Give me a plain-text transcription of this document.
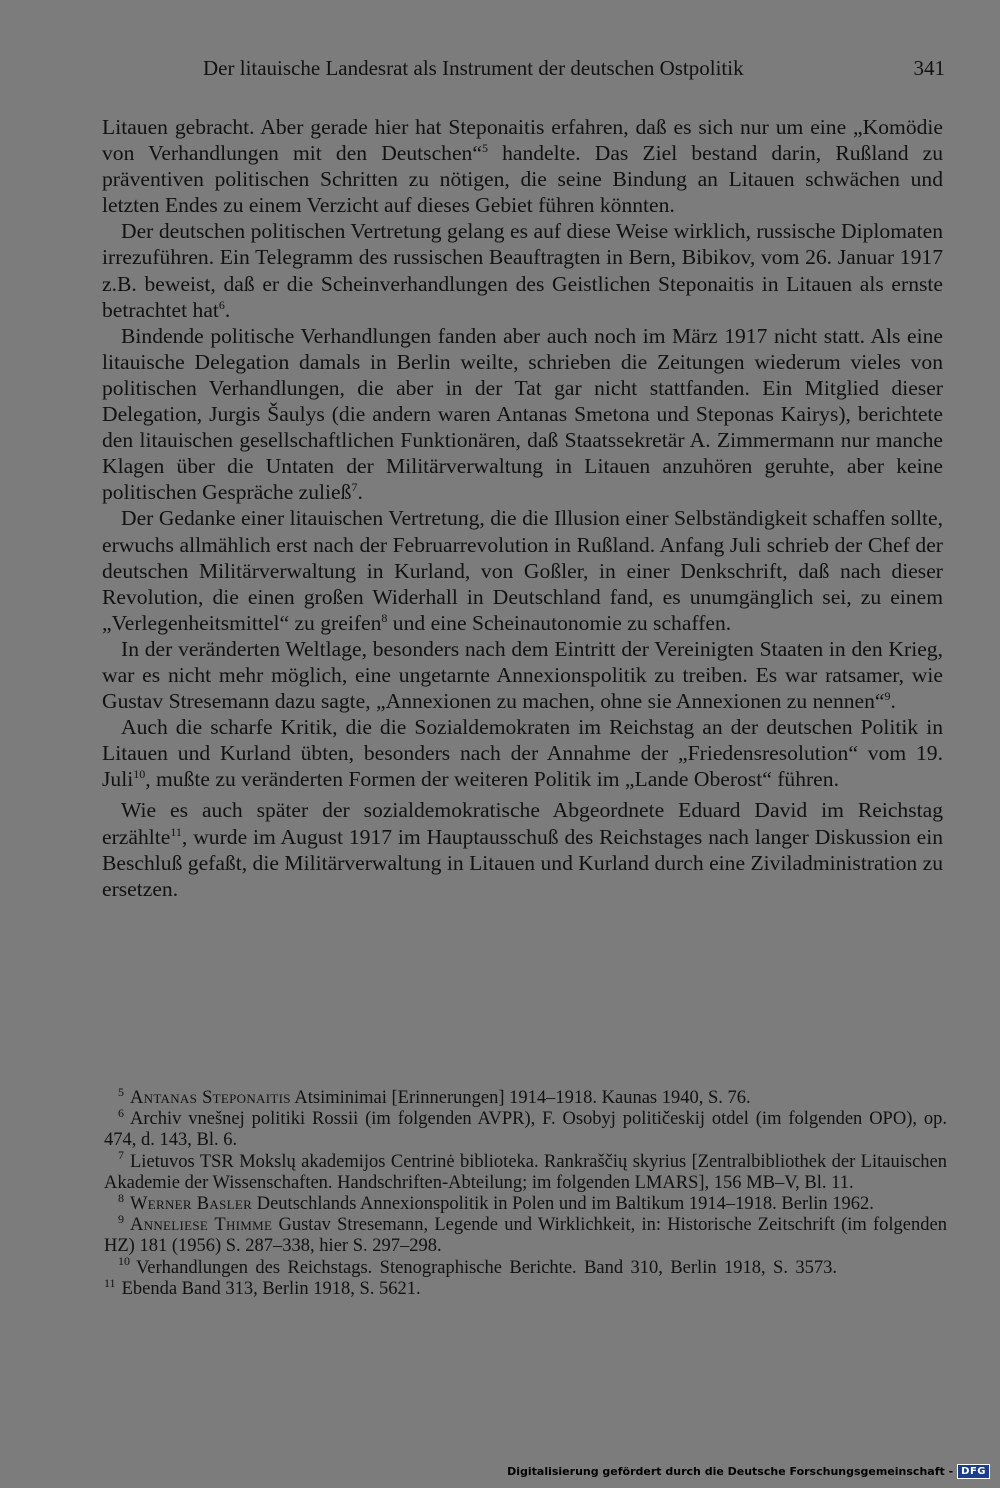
Der litauische Landesrat als Instrument der deutschen Ostpolitik	341

Litauen gebracht. Aber gerade hier hat Steponaitis erfahren, daß es sich nur um eine „Komödie von Verhandlungen mit den Deutschen“$^5$ handelte. Das Ziel bestand darin, Rußland zu präventiven politischen Schritten zu nötigen, die seine Bindung an Litauen schwächen und letzten Endes zu einem Verzicht auf dieses Gebiet führen könnten.

Der deutschen politischen Vertretung gelang es auf diese Weise wirklich, russische Diplomaten irrezuführen. Ein Telegramm des russischen Beauftragten in Bern, Bibikov, vom 26. Januar 1917 z.B. beweist, daß er die Scheinverhandlungen des Geistlichen Steponaitis in Litauen als ernste betrachtet hat$^6$.

Bindende politische Verhandlungen fanden aber auch noch im März 1917 nicht statt. Als eine litauische Delegation damals in Berlin weilte, schrieben die Zeitungen wiederum vieles von politischen Verhandlungen, die aber in der Tat gar nicht stattfanden. Ein Mitglied dieser Delegation, Jurgis Šaulys (die andern waren Antanas Smetona und Steponas Kairys), berichtete den litauischen gesellschaftlichen Funktionären, daß Staatssekretär A. Zimmermann nur manche Klagen über die Untaten der Militärverwaltung in Litauen anzuhören geruhte, aber keine politischen Gespräche zuließ$^7$.

Der Gedanke einer litauischen Vertretung, die die Illusion einer Selbständigkeit schaffen sollte, erwuchs allmählich erst nach der Februarrevolution in Rußland. Anfang Juli schrieb der Chef der deutschen Militärverwaltung in Kurland, von Goßler, in einer Denkschrift, daß nach dieser Revolution, die einen großen Widerhall in Deutschland fand, es unumgänglich sei, zu einem „Verlegenheitsmittel“ zu greifen$^8$ und eine Scheinautonomie zu schaffen.

In der veränderten Weltlage, besonders nach dem Eintritt der Vereinigten Staaten in den Krieg, war es nicht mehr möglich, eine ungetarnte Annexionspolitik zu treiben. Es war ratsamer, wie Gustav Stresemann dazu sagte, „Annexionen zu machen, ohne sie Annexionen zu nennen“$^9$.

Auch die scharfe Kritik, die die Sozialdemokraten im Reichstag an der deutschen Politik in Litauen und Kurland übten, besonders nach der Annahme der „Friedensresolution“ vom 19. Juli$^{10}$, mußte zu veränderten Formen der weiteren Politik im „Lande Oberost“ führen.

Wie es auch später der sozialdemokratische Abgeordnete Eduard David im Reichstag erzählte$^{11}$, wurde im August 1917 im Hauptausschuß des Reichstages nach langer Diskussion ein Beschluß gefaßt, die Militärverwaltung in Litauen und Kurland durch eine Ziviladministration zu ersetzen.

$^5$ Antanas Steponaitis Atsiminimai [Erinnerungen] 1914–1918. Kaunas 1940, S. 76.

$^6$ Archiv vnešnej politiki Rossii (im folgenden AVPR), F. Osobyj političeskij otdel (im folgenden OPO), op. 474, d. 143, Bl. 6.

$^7$ Lietuvos TSR Mokslų akademijos Centrinė biblioteka. Rankraščių skyrius [Zentralbibliothek der Litauischen Akademie der Wissenschaften. Handschriften-Abteilung; im folgenden LMARS], 156 MB–V, Bl. 11.

$^8$ Werner Basler Deutschlands Annexionspolitik in Polen und im Baltikum 1914–1918. Berlin 1962.

$^9$ Anneliese Thimme Gustav Stresemann, Legende und Wirklichkeit, in: Historische Zeitschrift (im folgenden HZ) 181 (1956) S. 287–338, hier S. 297–298.

$^{10}$ Verhandlungen des Reichstags. Stenographische Berichte. Band 310, Berlin 1918, S. 3573.11 Ebenda Band 313, Berlin 1918, S. 5621.

Digitalisierung gefördert durch die Deutsche Forschungsgemeinschaft - DFG
